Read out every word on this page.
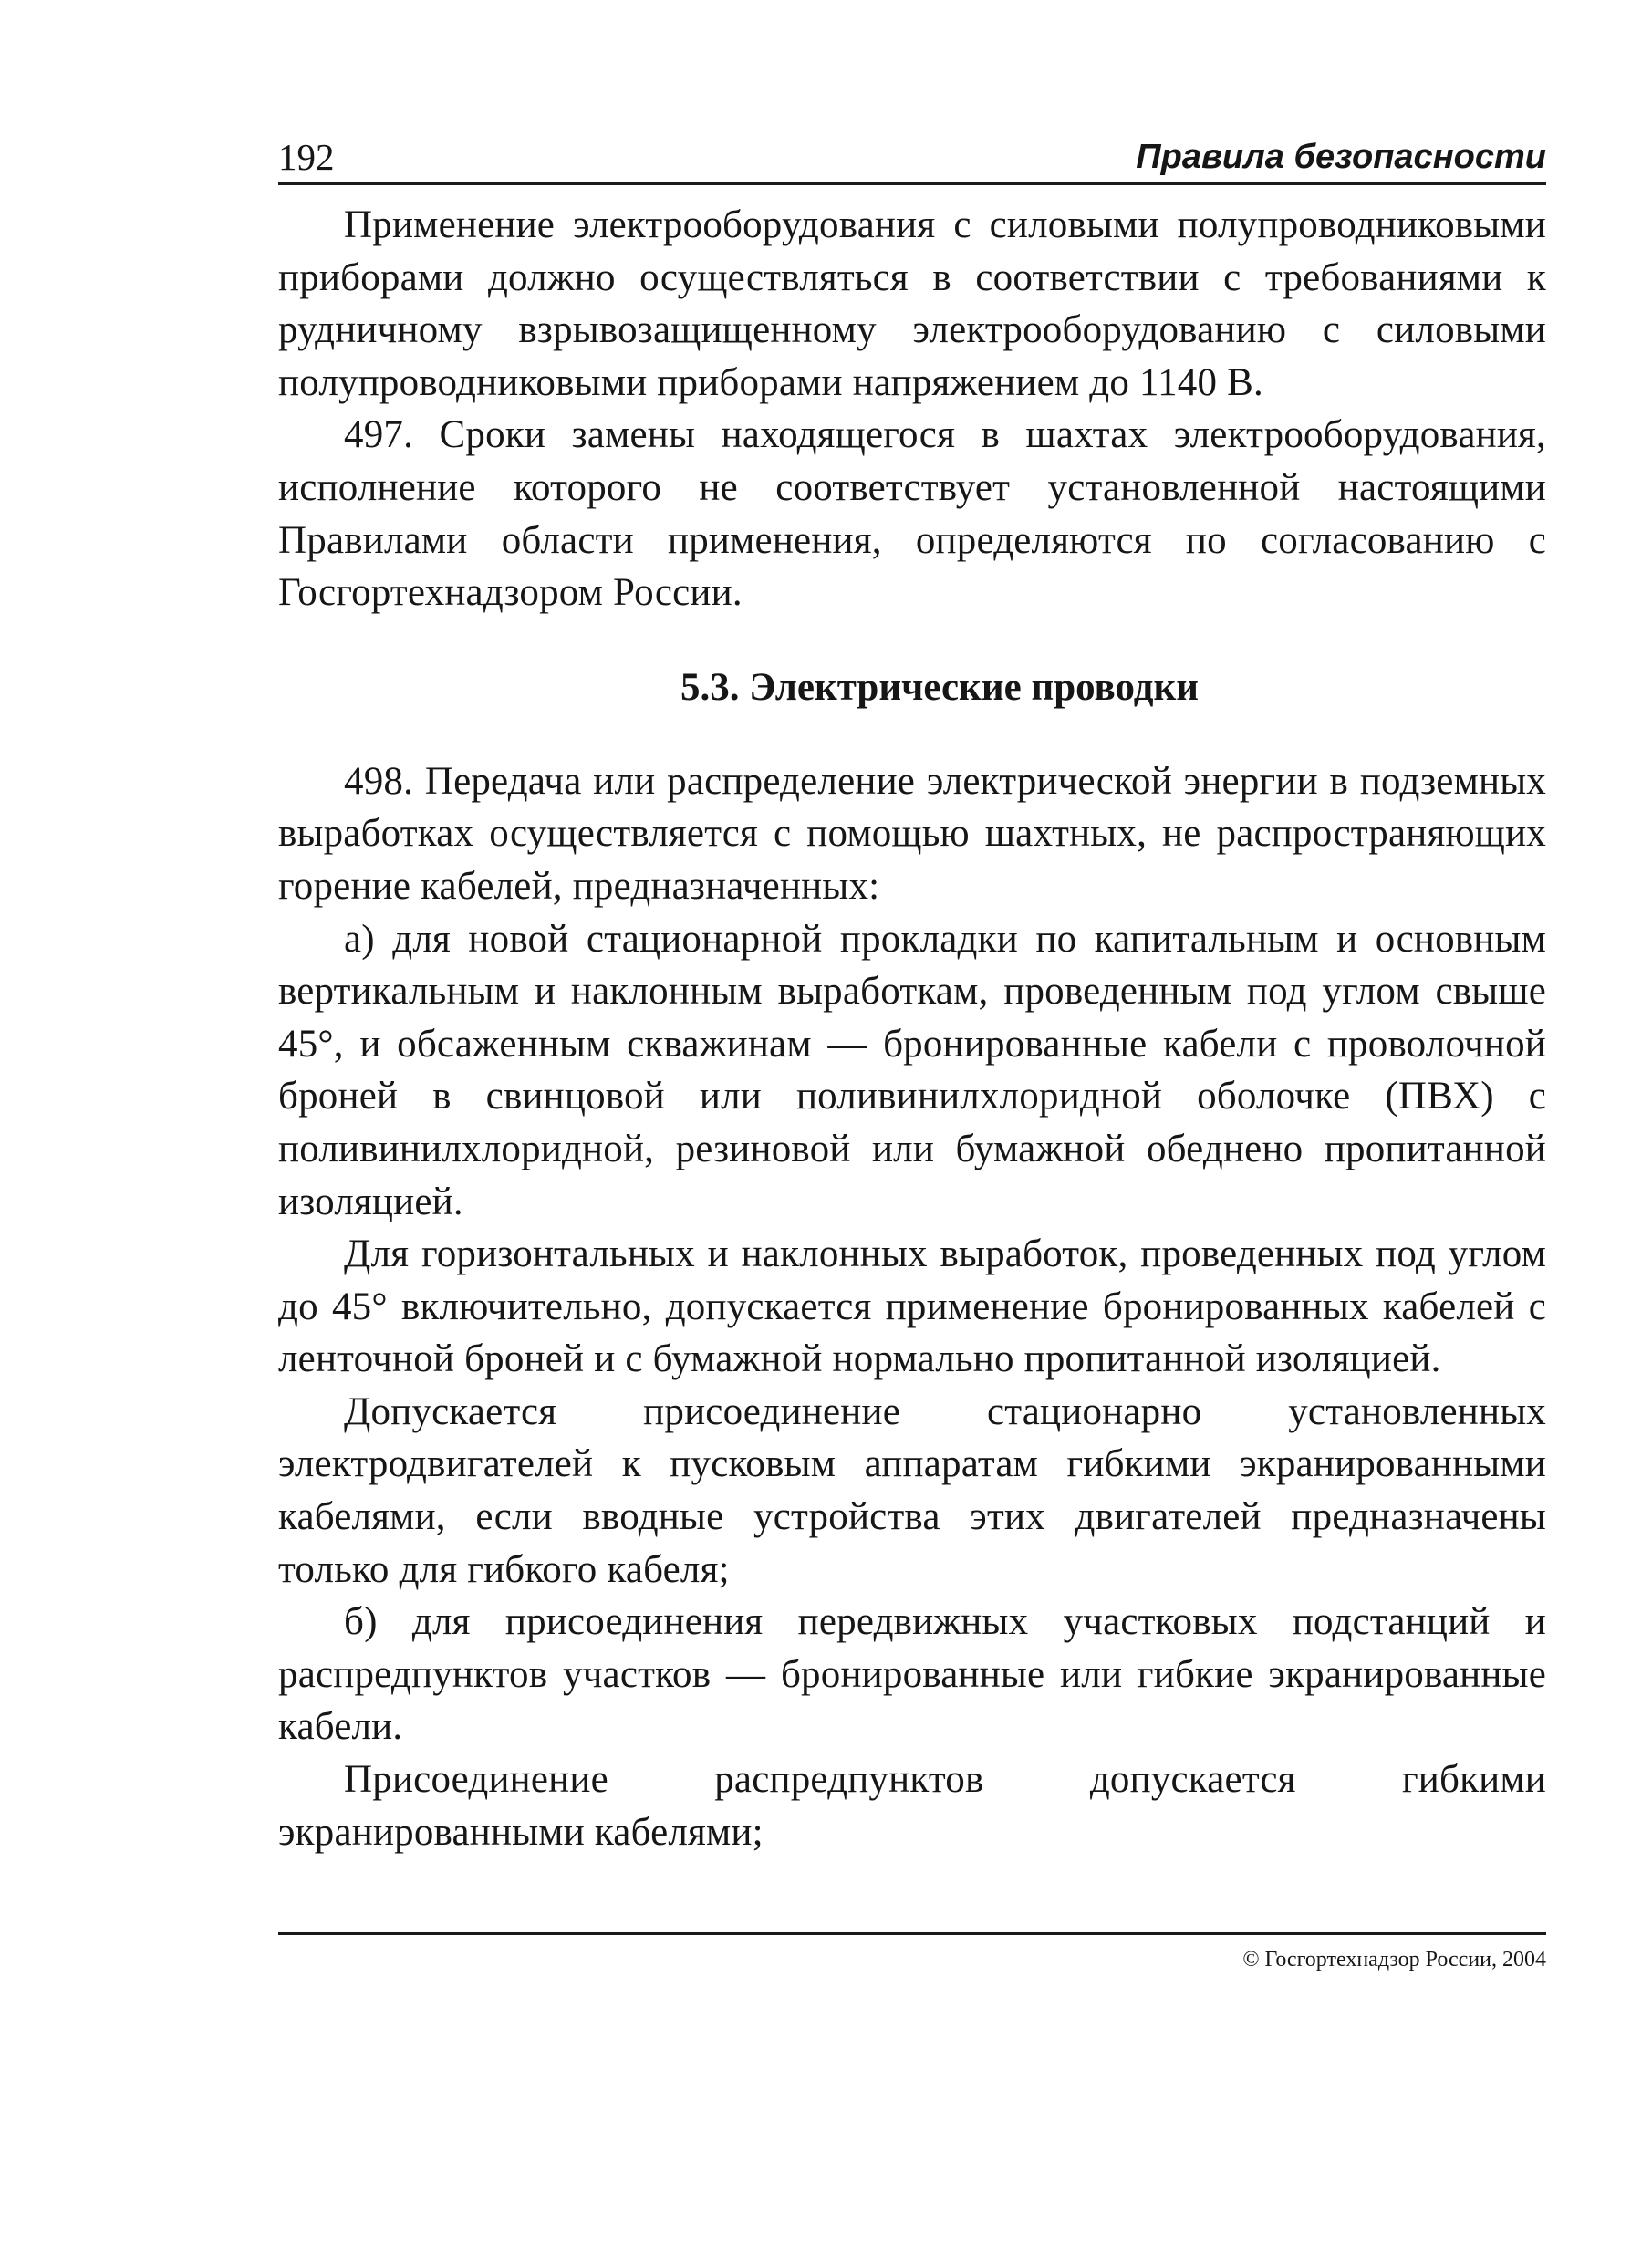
192	Правила безопасности

Применение электрооборудования с силовыми полупроводниковыми приборами должно осуществляться в соответствии с требованиями к рудничному взрывозащищенному электрооборудованию с силовыми полупроводниковыми приборами напряжением до 1140 В.

497. Сроки замены находящегося в шахтах электрооборудования, исполнение которого не соответствует установленной настоящими Правилами области применения, определяются по согласованию с Госгортехнадзором России.

5.3. Электрические проводки

498. Передача или распределение электрической энергии в подземных выработках осуществляется с помощью шахтных, не распространяющих горение кабелей, предназначенных:

а) для новой стационарной прокладки по капитальным и основным вертикальным и наклонным выработкам, проведенным под углом свыше 45°, и обсаженным скважинам — бронированные кабели с проволочной броней в свинцовой или поливинилхлоридной оболочке (ПВХ) с поливинилхлоридной, резиновой или бумажной обеднено пропитанной изоляцией.

Для горизонтальных и наклонных выработок, проведенных под углом до 45° включительно, допускается применение бронированных кабелей с ленточной броней и с бумажной нормально пропитанной изоляцией.

Допускается присоединение стационарно установленных электродвигателей к пусковым аппаратам гибкими экранированными кабелями, если вводные устройства этих двигателей предназначены только для гибкого кабеля;

б) для присоединения передвижных участковых подстанций и распредпунктов участков — бронированные или гибкие экранированные кабели.

Присоединение распредпунктов допускается гибкими экранированными кабелями;

© Госгортехнадзор России, 2004
